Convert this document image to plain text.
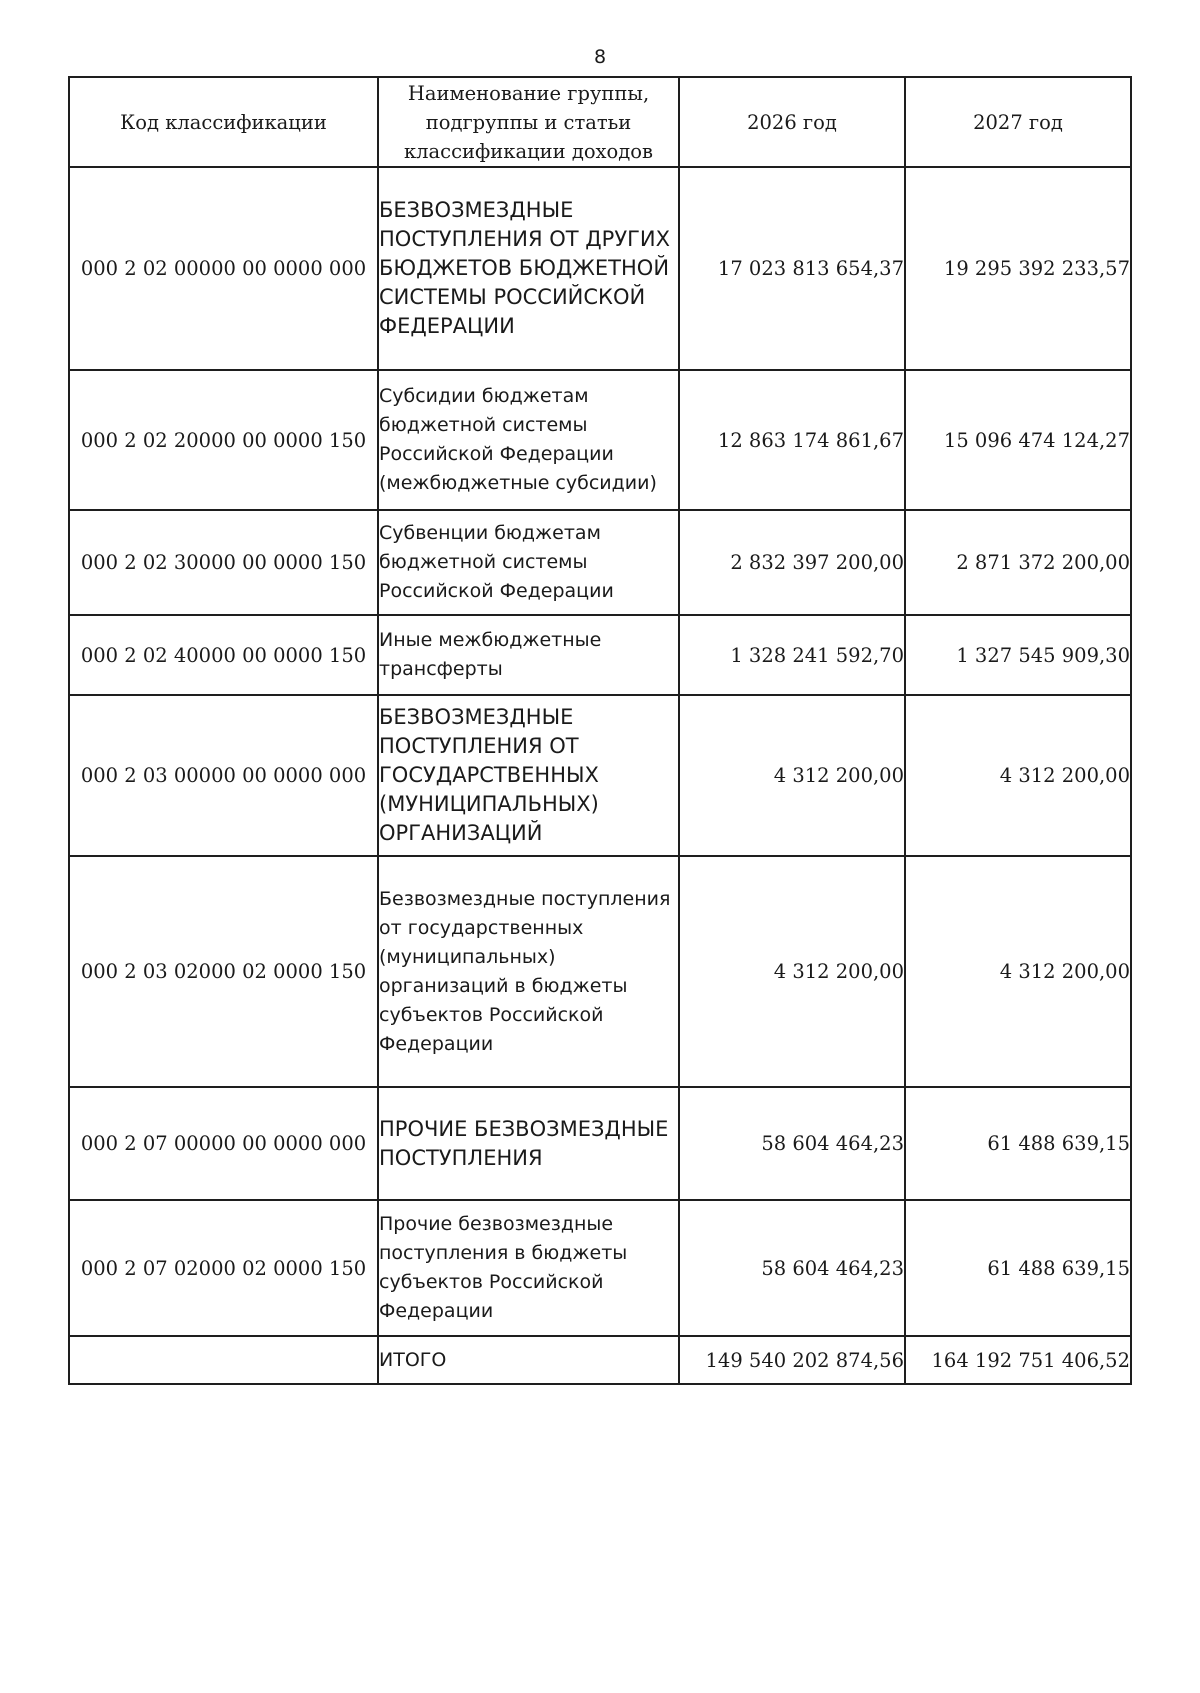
8
Код классификации	Наименование группы, подгруппы и статьи классификации доходов	2026 год	2027 год
000 2 02 00000 00 0000 000	БЕЗВОЗМЕЗДНЫЕ ПОСТУПЛЕНИЯ ОТ ДРУГИХ БЮДЖЕТОВ БЮДЖЕТНОЙ СИСТЕМЫ РОССИЙСКОЙ ФЕДЕРАЦИИ	17 023 813 654,37	19 295 392 233,57
000 2 02 20000 00 0000 150	Субсидии бюджетам бюджетной системы Российской Федерации (межбюджетные субсидии)	12 863 174 861,67	15 096 474 124,27
000 2 02 30000 00 0000 150	Субвенции бюджетам бюджетной системы Российской Федерации	2 832 397 200,00	2 871 372 200,00
000 2 02 40000 00 0000 150	Иные межбюджетные трансферты	1 328 241 592,70	1 327 545 909,30
000 2 03 00000 00 0000 000	БЕЗВОЗМЕЗДНЫЕ ПОСТУПЛЕНИЯ ОТ ГОСУДАРСТВЕННЫХ (МУНИЦИПАЛЬНЫХ) ОРГАНИЗАЦИЙ	4 312 200,00	4 312 200,00
000 2 03 02000 02 0000 150	Безвозмездные поступления от государственных (муниципальных) организаций в бюджеты субъектов Российской Федерации	4 312 200,00	4 312 200,00
000 2 07 00000 00 0000 000	ПРОЧИЕ БЕЗВОЗМЕЗДНЫЕ ПОСТУПЛЕНИЯ	58 604 464,23	61 488 639,15
000 2 07 02000 02 0000 150	Прочие безвозмездные поступления в бюджеты субъектов Российской Федерации	58 604 464,23	61 488 639,15
	ИТОГО	149 540 202 874,56	164 192 751 406,52
